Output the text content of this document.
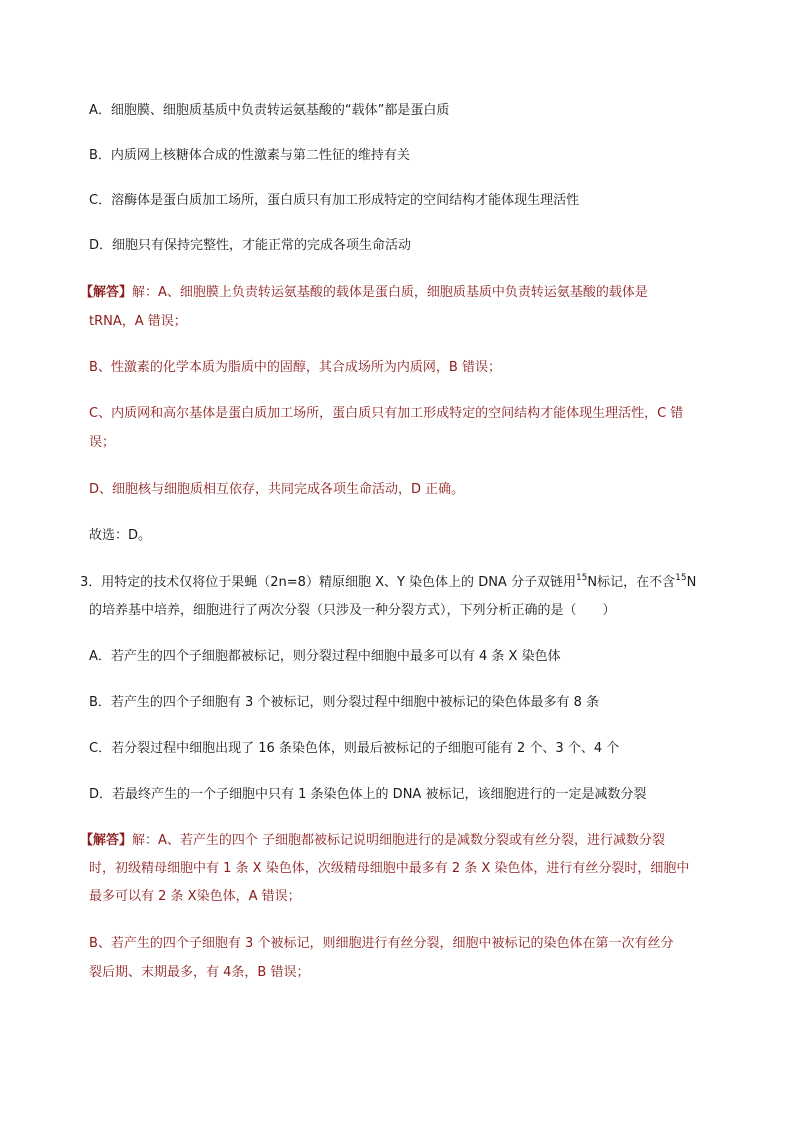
A．细胞膜、细胞质基质中负责转运氨基酸的“载体”都是蛋白质
B．内质网上核糖体合成的性激素与第二性征的维持有关
C．溶酶体是蛋白质加工场所，蛋白质只有加工形成特定的空间结构才能体现生理活性
D．细胞只有保持完整性，才能正常的完成各项生命活动
【解答】解：A、细胞膜上负责转运氨基酸的载体是蛋白质，细胞质基质中负责转运氨基酸的载体是
tRNA，A 错误；
B、性激素的化学本质为脂质中的固醇，其合成场所为内质网，B 错误；
C、内质网和高尔基体是蛋白质加工场所，蛋白质只有加工形成特定的空间结构才能体现生理活性，C 错
误；
D、细胞核与细胞质相互依存，共同完成各项生命活动，D 正确。
故选：D。
3．用特定的技术仅将位于果蝇（2n=8）精原细胞 X、Y 染色体上的 DNA 分子双链用$^{15}$N标记，在不含$^{15}$N
的培养基中培养，细胞进行了两次分裂（只涉及一种分裂方式），下列分析正确的是（　　）
A．若产生的四个子细胞都被标记，则分裂过程中细胞中最多可以有 4 条 X 染色体
B．若产生的四个子细胞有 3 个被标记，则分裂过程中细胞中被标记的染色体最多有 8 条
C．若分裂过程中细胞出现了 16 条染色体，则最后被标记的子细胞可能有 2 个、3 个、4 个
D．若最终产生的一个子细胞中只有 1 条染色体上的 DNA 被标记，该细胞进行的一定是减数分裂
【解答】解：A、若产生的四个 子细胞都被标记说明细胞进行的是减数分裂或有丝分裂，进行减数分裂
时，初级精母细胞中有 1 条 X 染色体，次级精母细胞中最多有 2 条 X 染色体，进行有丝分裂时，细胞中
最多可以有 2 条 X染色体，A 错误；
B、若产生的四个子细胞有 3 个被标记，则细胞进行有丝分裂，细胞中被标记的染色体在第一次有丝分
裂后期、末期最多，有 4条，B 错误；
